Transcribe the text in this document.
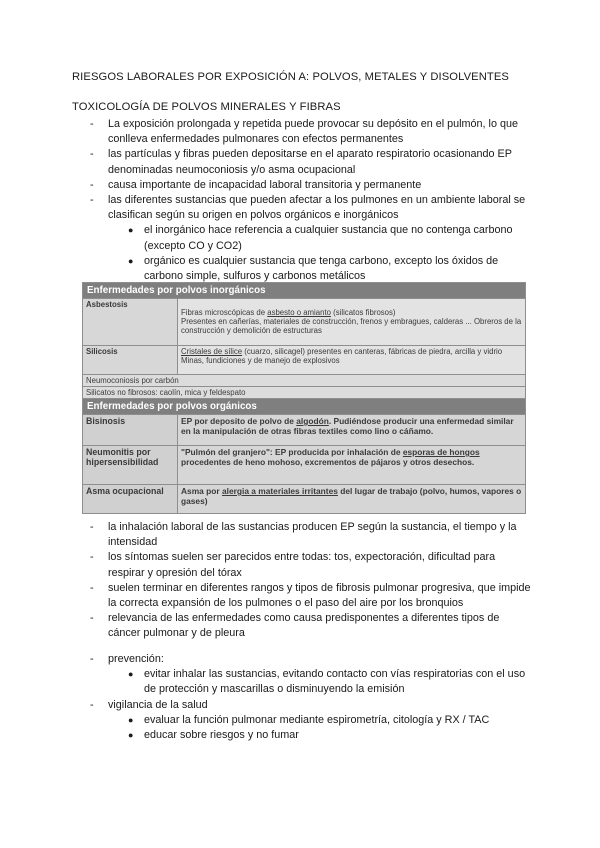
RIESGOS LABORALES POR EXPOSICIÓN A: POLVOS, METALES Y DISOLVENTES
TOXICOLOGÍA DE POLVOS MINERALES Y FIBRAS
- La exposición prolongada y repetida puede provocar su depósito en el pulmón, lo que conlleva enfermedades pulmonares con efectos permanentes
- las partículas y fibras pueden depositarse en el aparato respiratorio ocasionando EP denominadas neumoconiosis y/o asma ocupacional
- causa importante de incapacidad laboral transitoria y permanente
- las diferentes sustancias que pueden afectar a los pulmones en un ambiente laboral se clasifican según su origen en polvos orgánicos e inorgánicos
● el inorgánico hace referencia a cualquier sustancia que no contenga carbono (excepto CO y CO2)
● orgánico es cualquier sustancia que tenga carbono, excepto los óxidos de carbono simple, sulfuros y carbonos metálicos
Enfermedades por polvos inorgánicos	
Asbestosis	Fibras microscópicas de asbesto o amianto (silicatos fibrosos)
Presentes en cañerías, materiales de construcción, frenos y embragues, calderas ... Obreros de la construcción y demolición de estructuras

Silicosis	Cristales de sílice (cuarzo, silicagel) presentes en canteras, fábricas de piedra, arcilla y vidrio Minas, fundiciones y de manejo de explosivos
Neumoconiosis por carbón	
Silicatos no fibrosos: caolín, mica y feldespato	
Enfermedades por polvos orgánicos	
Bisinosis	EP por deposito de polvo de algodón. Pudiéndose producir una enfermedad similar en la manipulación de otras fibras textiles como lino o cáñamo.
Neumonitis por hipersensibilidad	"Pulmón del granjero": EP producida por inhalación de esporas de hongos procedentes de heno mohoso, excrementos de pájaros y otros desechos.
Asma ocupacional	Asma por alergia a materiales irritantes del lugar de trabajo (polvo, humos, vapores o gases)
- la inhalación laboral de las sustancias producen EP según la sustancia, el tiempo y la intensidad
- los síntomas suelen ser parecidos entre todas: tos, expectoración, dificultad para respirar y opresión del tórax
- suelen terminar en diferentes rangos y tipos de fibrosis pulmonar progresiva, que impide la correcta expansión de los pulmones o el paso del aire por los bronquios
- relevancia de las enfermedades como causa predisponentes a diferentes tipos de cáncer pulmonar y de pleura
- prevención:
● evitar inhalar las sustancias, evitando contacto con vías respiratorias con el uso de protección y mascarillas o disminuyendo la emisión
- vigilancia de la salud
● evaluar la función pulmonar mediante espirometría, citología y RX / TAC
● educar sobre riesgos y no fumar
